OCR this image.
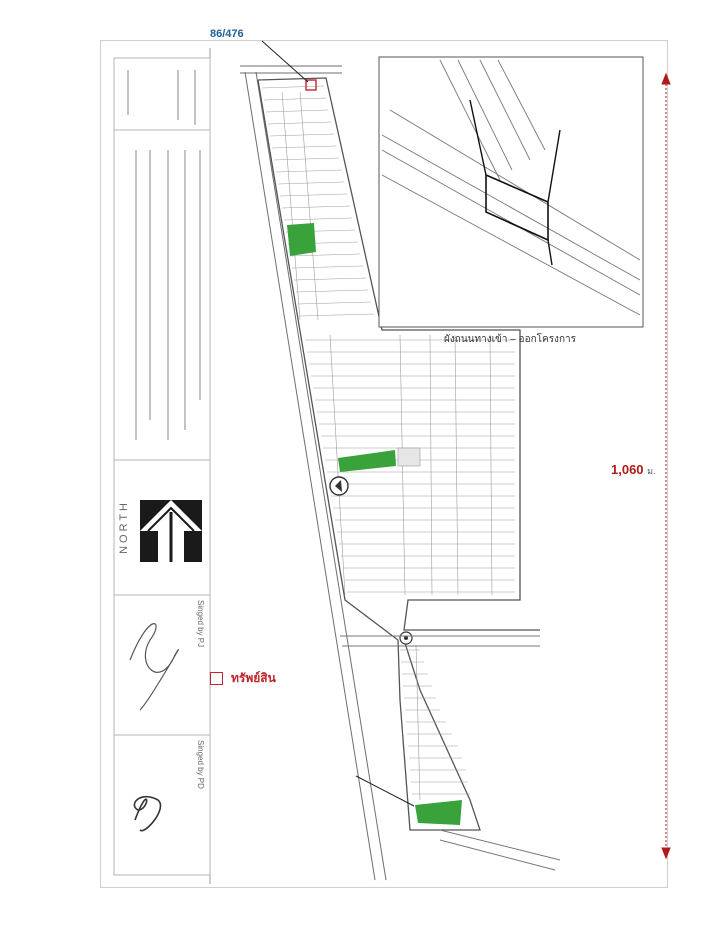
ผังถนนทางเข้า – ออกโครงการ
86/476
1,060 ม.
ทรัพย์สิน
NORTH
Singed by PJ
Singed by PD
